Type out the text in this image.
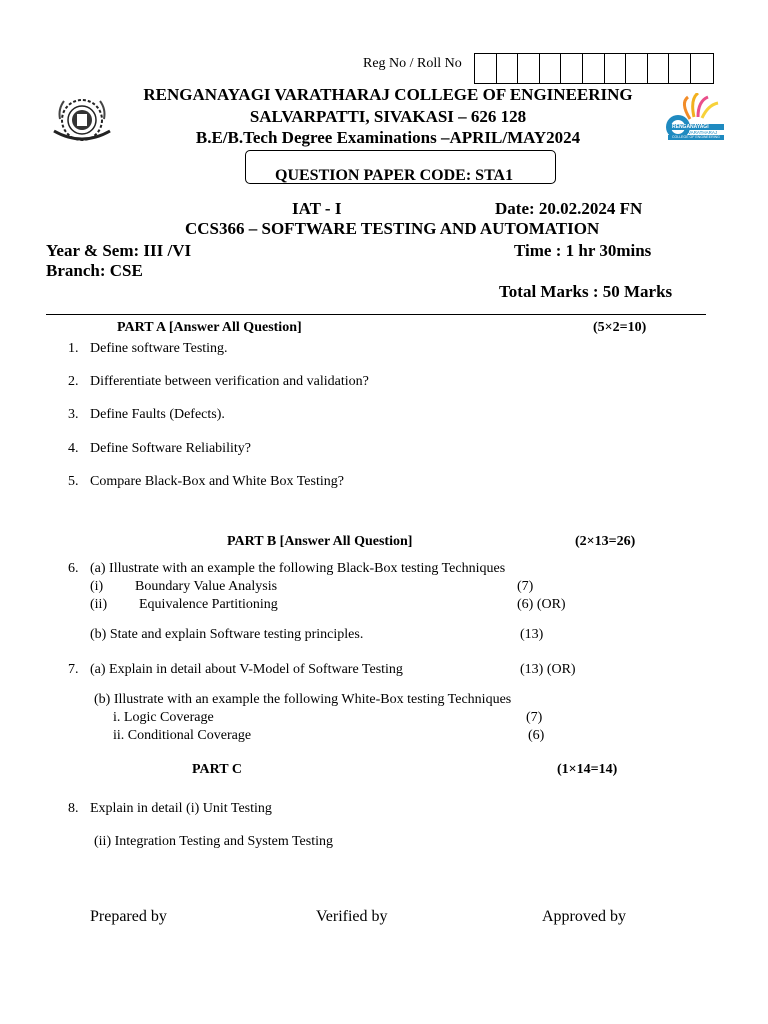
Reg No / Roll No
RENGANAYAGI
VARATHARAJ
COLLEGE OF ENGINEERING
RENGANAYAGI VARATHARAJ COLLEGE OF ENGINEERING
SALVARPATTI, SIVAKASI – 626 128
B.E/B.Tech Degree Examinations –APRIL/MAY2024
QUESTION PAPER CODE: STA1
IAT - I	Date: 20.02.2024 FN
CCS366 – SOFTWARE TESTING AND AUTOMATION
Year & Sem: III /VI	Time : 1 hr 30mins
Branch: CSE
Total Marks : 50 Marks
PART A [Answer All Question]	(5×2=10)
1. Define software Testing.
2. Differentiate between verification and validation?
3. Define Faults (Defects).
4. Define Software Reliability?
5. Compare Black-Box and White Box Testing?
PART B [Answer All Question]	(2×13=26)
6. (a) Illustrate with an example the following Black-Box testing Techniques
(i) Boundary Value Analysis	(7)
(ii) Equivalence Partitioning	(6) (OR)
(b) State and explain Software testing principles.	(13)
7. (a) Explain in detail about V-Model of Software Testing	(13) (OR)
(b) Illustrate with an example the following White-Box testing Techniques
i. Logic Coverage	(7)
ii. Conditional Coverage	(6)
PART C	(1×14=14)
8. Explain in detail (i) Unit Testing
(ii) Integration Testing and System Testing
Prepared by	Verified by	Approved by
